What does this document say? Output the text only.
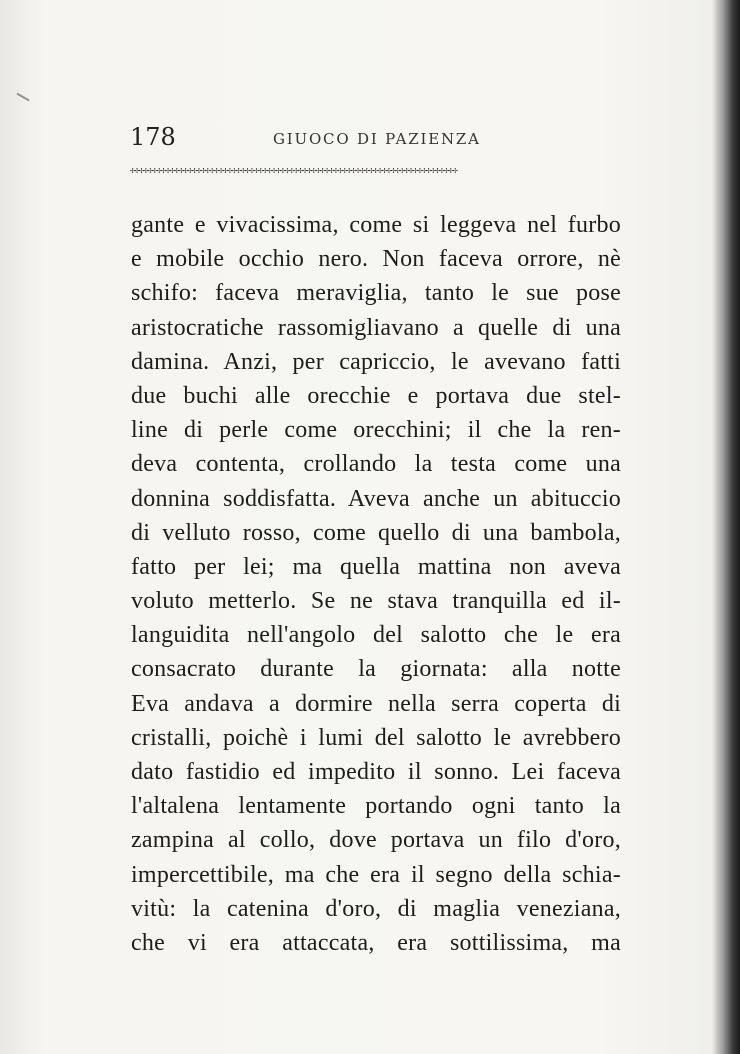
178	GIUOCO DI PAZIENZA
✢✢✢✢✢✢✢✢✢✢✢✢✢✢✢✢✢✢✢✢✢✢✢✢✢✢✢✢✢✢✢✢✢✢✢✢✢✢✢✢✢✢✢✢✢✢✢✢✢✢✢✢✢✢✢✢✢✢✢✢✢✢✢✢✢✢✢✢✢✢✢✢✢✢
gante e vivacissima, come si leggeva nel furbo
e mobile occhio nero. Non faceva orrore, nè
schifo: faceva meraviglia, tanto le sue pose
aristocratiche rassomigliavano a quelle di una
damina. Anzi, per capriccio, le avevano fatti
due buchi alle orecchie e portava due stel-
line di perle come orecchini; il che la ren-
deva contenta, crollando la testa come una
donnina soddisfatta. Aveva anche un abituccio
di velluto rosso, come quello di una bambola,
fatto per lei; ma quella mattina non aveva
voluto metterlo. Se ne stava tranquilla ed il-
languidita nell'angolo del salotto che le era
consacrato durante la giornata: alla notte
Eva andava a dormire nella serra coperta di
cristalli, poichè i lumi del salotto le avrebbero
dato fastidio ed impedito il sonno. Lei faceva
l'altalena lentamente portando ogni tanto la
zampina al collo, dove portava un filo d'oro,
impercettibile, ma che era il segno della schia-
vitù: la catenina d'oro, di maglia veneziana,
che vi era attaccata, era sottilissima, ma
